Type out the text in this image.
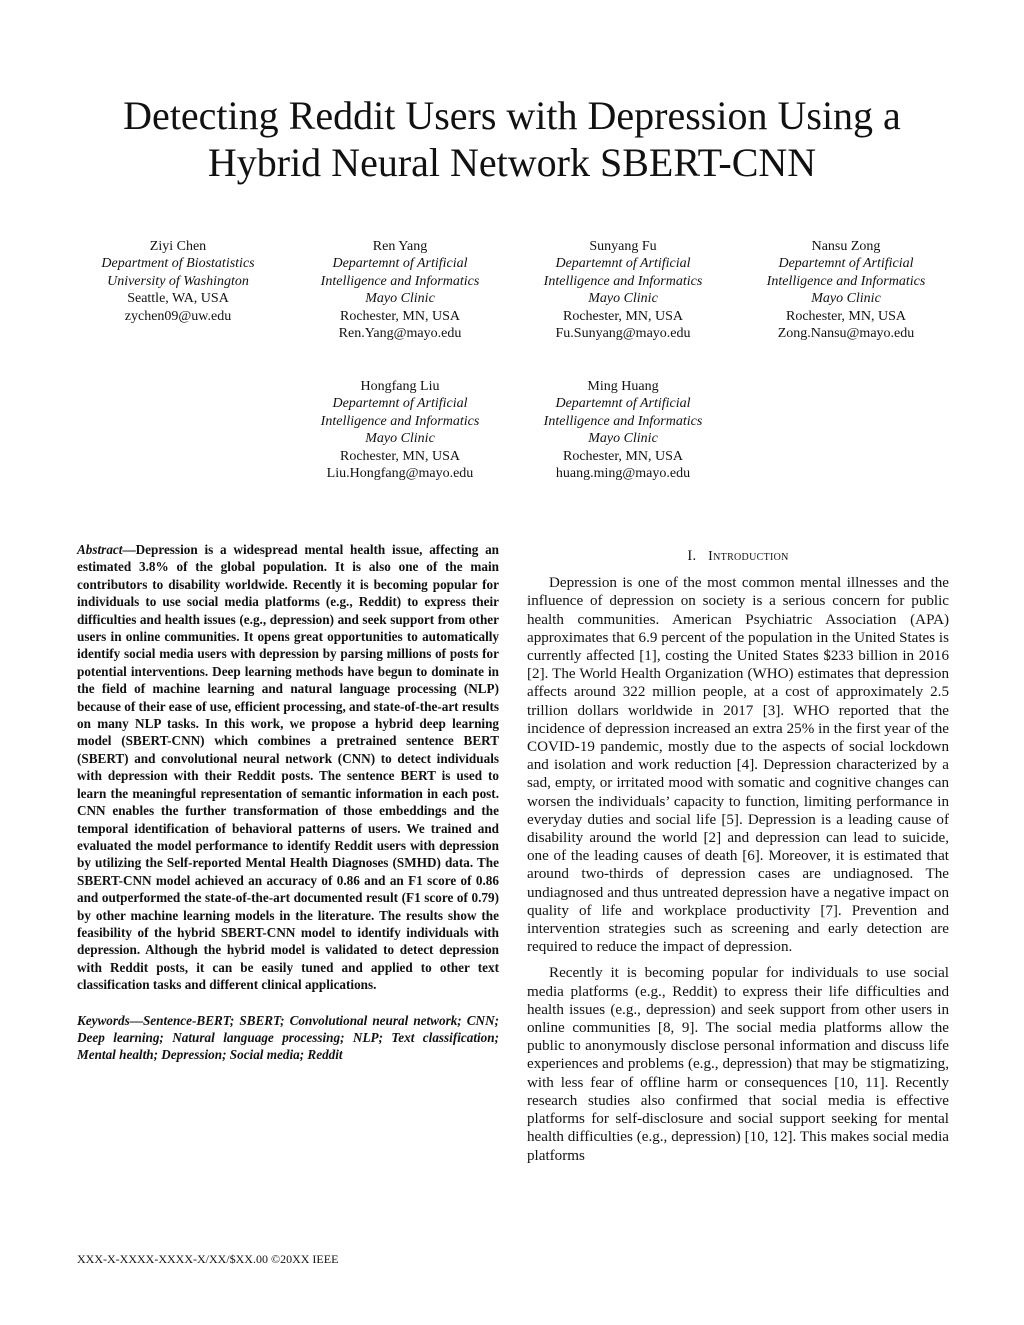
Detecting Reddit Users with Depression Using a
Hybrid Neural Network SBERT-CNN
Ziyi Chen
Department of Biostatistics
University of Washington
Seattle, WA, USA
zychen09@uw.edu
Ren Yang
Departemnt of Artificial
Intelligence and Informatics
Mayo Clinic
Rochester, MN, USA
Ren.Yang@mayo.edu
Sunyang Fu
Departemnt of Artificial
Intelligence and Informatics
Mayo Clinic
Rochester, MN, USA
Fu.Sunyang@mayo.edu
Nansu Zong
Departemnt of Artificial
Intelligence and Informatics
Mayo Clinic
Rochester, MN, USA
Zong.Nansu@mayo.edu
Hongfang Liu
Departemnt of Artificial
Intelligence and Informatics
Mayo Clinic
Rochester, MN, USA
Liu.Hongfang@mayo.edu
Ming Huang
Departemnt of Artificial
Intelligence and Informatics
Mayo Clinic
Rochester, MN, USA
huang.ming@mayo.edu
Abstract—Depression is a widespread mental health issue, affecting an estimated 3.8% of the global population. It is also one of the main contributors to disability worldwide. Recently it is becoming popular for individuals to use social media platforms (e.g., Reddit) to express their difficulties and health issues (e.g., depression) and seek support from other users in online communities. It opens great opportunities to automatically identify social media users with depression by parsing millions of posts for potential interventions. Deep learning methods have begun to dominate in the field of machine learning and natural language processing (NLP) because of their ease of use, efficient processing, and state-of-the-art results on many NLP tasks. In this work, we propose a hybrid deep learning model (SBERT-CNN) which combines a pretrained sentence BERT (SBERT) and convolutional neural network (CNN) to detect individuals with depression with their Reddit posts. The sentence BERT is used to learn the meaningful representation of semantic information in each post. CNN enables the further transformation of those embeddings and the temporal identification of behavioral patterns of users. We trained and evaluated the model performance to identify Reddit users with depression by utilizing the Self-reported Mental Health Diagnoses (SMHD) data. The SBERT-CNN model achieved an accuracy of 0.86 and an F1 score of 0.86 and outperformed the state-of-the-art documented result (F1 score of 0.79) by other machine learning models in the literature. The results show the feasibility of the hybrid SBERT-CNN model to identify individuals with depression. Although the hybrid model is validated to detect depression with Reddit posts, it can be easily tuned and applied to other text classification tasks and different clinical applications.
Keywords—Sentence-BERT; SBERT; Convolutional neural network; CNN; Deep learning; Natural language processing; NLP; Text classification; Mental health; Depression; Social media; Reddit
I. Introduction

Depression is one of the most common mental illnesses and the influence of depression on society is a serious concern for public health communities. American Psychiatric Association (APA) approximates that 6.9 percent of the population in the United States is currently affected [1], costing the United States $233 billion in 2016 [2]. The World Health Organization (WHO) estimates that depression affects around 322 million people, at a cost of approximately 2.5 trillion dollars worldwide in 2017 [3]. WHO reported that the incidence of depression increased an extra 25% in the first year of the COVID-19 pandemic, mostly due to the aspects of social lockdown and isolation and work reduction [4]. Depression characterized by a sad, empty, or irritated mood with somatic and cognitive changes can worsen the individuals’ capacity to function, limiting performance in everyday duties and social life [5]. Depression is a leading cause of disability around the world [2] and depression can lead to suicide, one of the leading causes of death [6]. Moreover, it is estimated that around two-thirds of depression cases are undiagnosed. The undiagnosed and thus untreated depression have a negative impact on quality of life and workplace productivity [7]. Prevention and intervention strategies such as screening and early detection are required to reduce the impact of depression.

Recently it is becoming popular for individuals to use social media platforms (e.g., Reddit) to express their life difficulties and health issues (e.g., depression) and seek support from other users in online communities [8, 9]. The social media platforms allow the public to anonymously disclose personal information and discuss life experiences and problems (e.g., depression) that may be stigmatizing, with less fear of offline harm or consequences [10, 11]. Recently research studies also confirmed that social media is effective platforms for self-disclosure and social support seeking for mental health difficulties (e.g., depression) [10, 12]. This makes social media platforms

XXX-X-XXXX-XXXX-X/XX/$XX.00 ©20XX IEEE
